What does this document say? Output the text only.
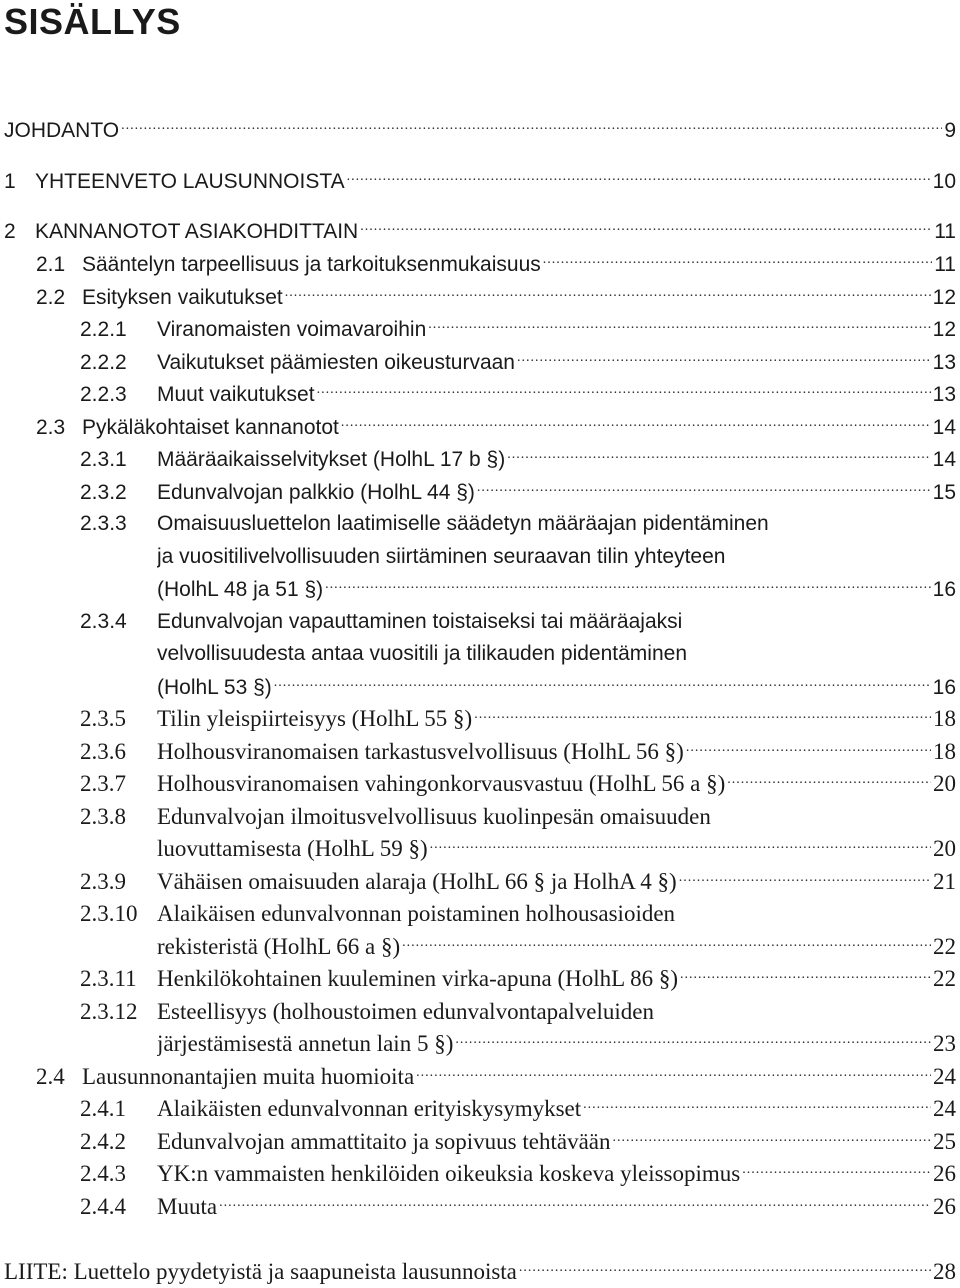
SISÄLLYS
JOHDANTO .....	9
1 YHTEENVETO LAUSUNNOISTA .....	10
2 KANNANOTOT ASIAKOHDITTAIN .....	11
2.1 Sääntelyn tarpeellisuus ja tarkoituksenmukaisuus .....	11
2.2 Esityksen vaikutukset .....	12
2.2.1	Viranomaisten voimavaroihin .....	12
2.2.2	Vaikutukset päämiesten oikeusturvaan .....	13
2.2.3	Muut vaikutukset .....	13
2.3 Pykäläkohtaiset kannanotot .....	14
2.3.1	Määräaikaisselvitykset (HolhL 17 b §) .....	14
2.3.2	Edunvalvojan palkkio (HolhL 44 §) .....	15
2.3.3	Omaisuusluettelon laatimiselle säädetyn määräajan pidentäminen
ja vuositilivelvollisuuden siirtäminen seuraavan tilin yhteyteen
(HolhL 48 ja 51 §) .....	16
2.3.4	Edunvalvojan vapauttaminen toistaiseksi tai määräajaksi
velvollisuudesta antaa vuositili ja tilikauden pidentäminen
(HolhL 53 §) .....	16
2.3.5	Tilin yleispiirteisyys (HolhL 55 §) .....	18
2.3.6	Holhousviranomaisen tarkastusvelvollisuus (HolhL 56 §) .....	18
2.3.7	Holhousviranomaisen vahingonkorvausvastuu (HolhL 56 a §) .....	20
2.3.8	Edunvalvojan ilmoitusvelvollisuus kuolinpesän omaisuuden
luovuttamisesta (HolhL 59 §) .....	20
2.3.9	Vähäisen omaisuuden alaraja (HolhL 66 § ja HolhA 4 §) .....	21
2.3.10 Alaikäisen edunvalvonnan poistaminen holhousasioiden
rekisteristä (HolhL 66 a §) .....	22
2.3.11 Henkilökohtainen kuuleminen virka-apuna (HolhL 86 §) .....	22
2.3.12 Esteellisyys (holhoustoimen edunvalvontapalveluiden
järjestämisestä annetun lain 5 §) .....	23
2.4 Lausunnonantajien muita huomioita .....	24
2.4.1	Alaikäisten edunvalvonnan erityiskysymykset .....	24
2.4.2	Edunvalvojan ammattitaito ja sopivuus tehtävään .....	25
2.4.3	YK:n vammaisten henkilöiden oikeuksia koskeva yleissopimus .....	26
2.4.4	Muuta .....	26
LIITE: Luettelo pyydetyistä ja saapuneista lausunnoista .....	28
